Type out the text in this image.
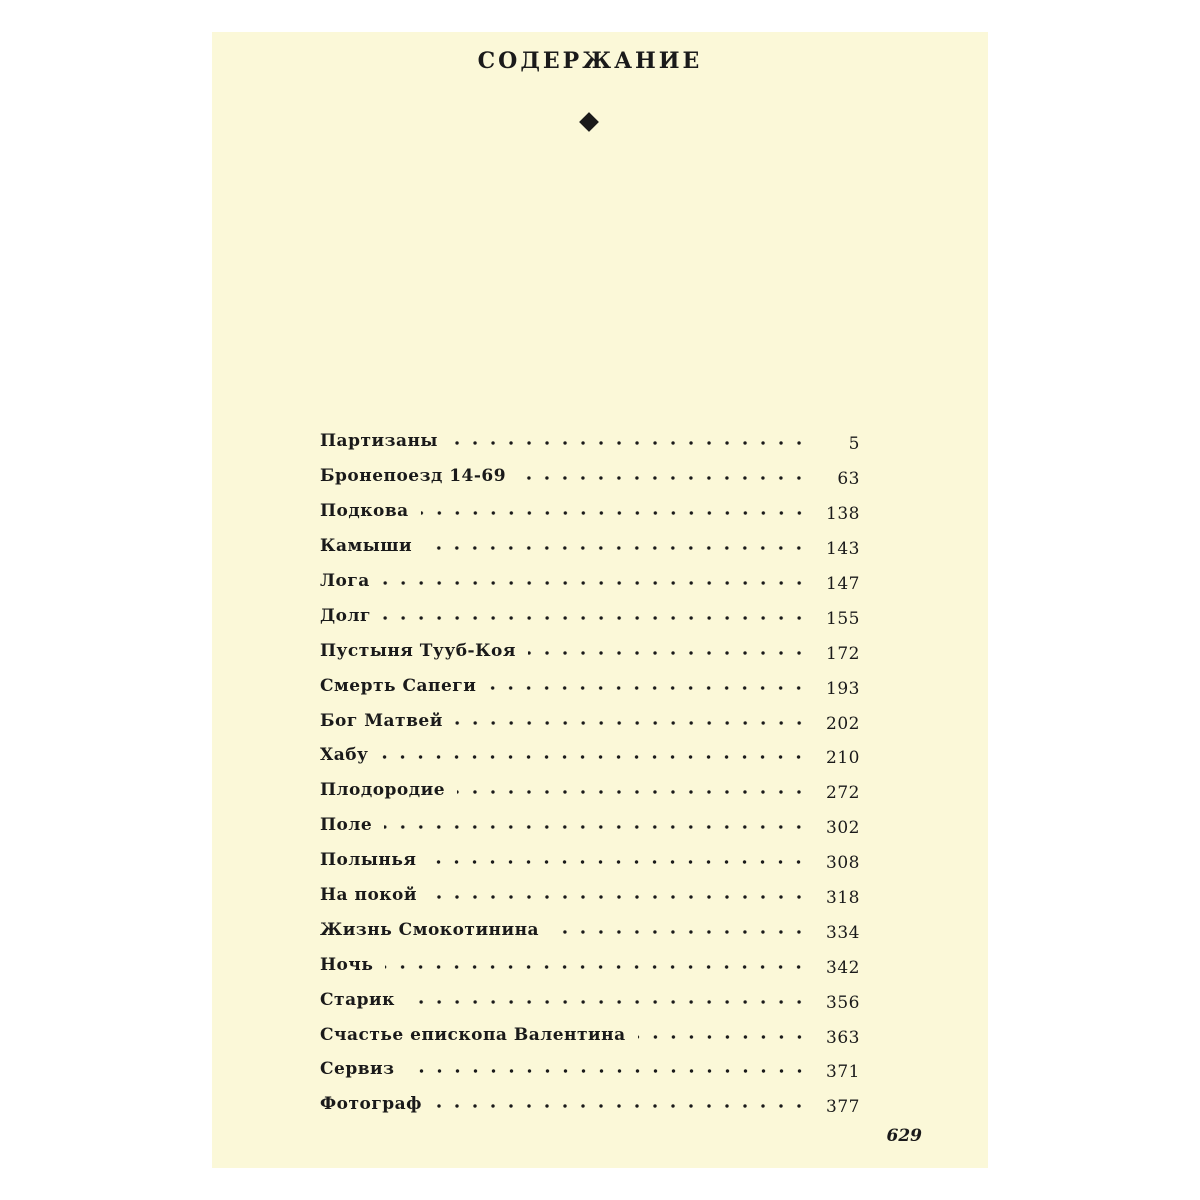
СОДЕРЖАНИЕ
Партизаны	5
Бронепоезд 14-69	63
Подкова	138
Камыши	143
Лога	147
Долг	155
Пустыня Тууб-Коя	172
Смерть Сапеги	193
Бог Матвей	202
Хабу	210
Плодородие	272
Поле	302
Полынья	308
На покой	318
Жизнь Смокотинина	334
Ночь	342
Старик	356
Счастье епископа Валентина	363
Сервиз	371
Фотограф	377
629
